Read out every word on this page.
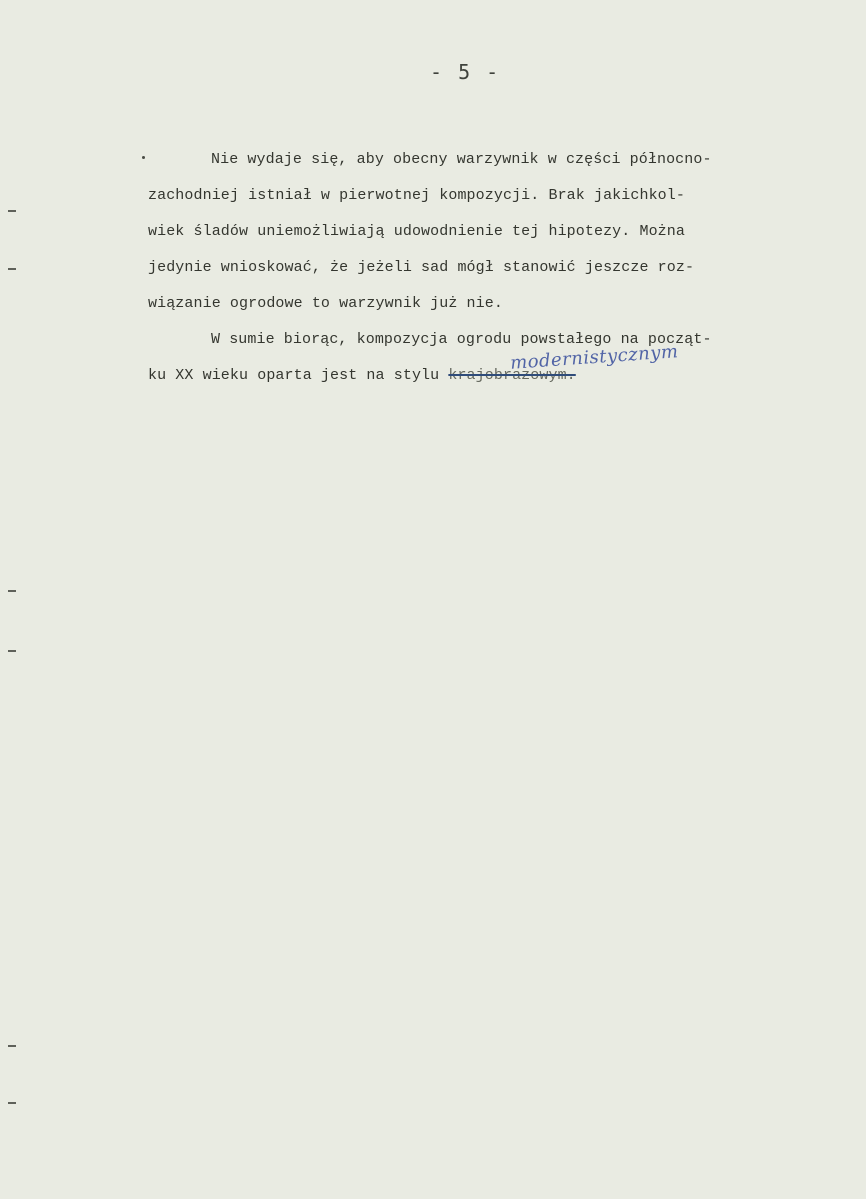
- 5 -
Nie wydaje się, aby obecny warzywnik w części północno-
zachodniej istniał w pierwotnej kompozycji. Brak jakichkol-
wiek śladów uniemożliwiają udowodnienie tej hipotezy. Można
jedynie wnioskować, że jeżeli sad mógł stanowić jeszcze roz-
wiązanie ogrodowe to warzywnik już nie.
W sumie biorąc, kompozycja ogrodu powstałego na począt-
ku XX wieku oparta jest na stylu krajobrazowym.
modernistycznym
